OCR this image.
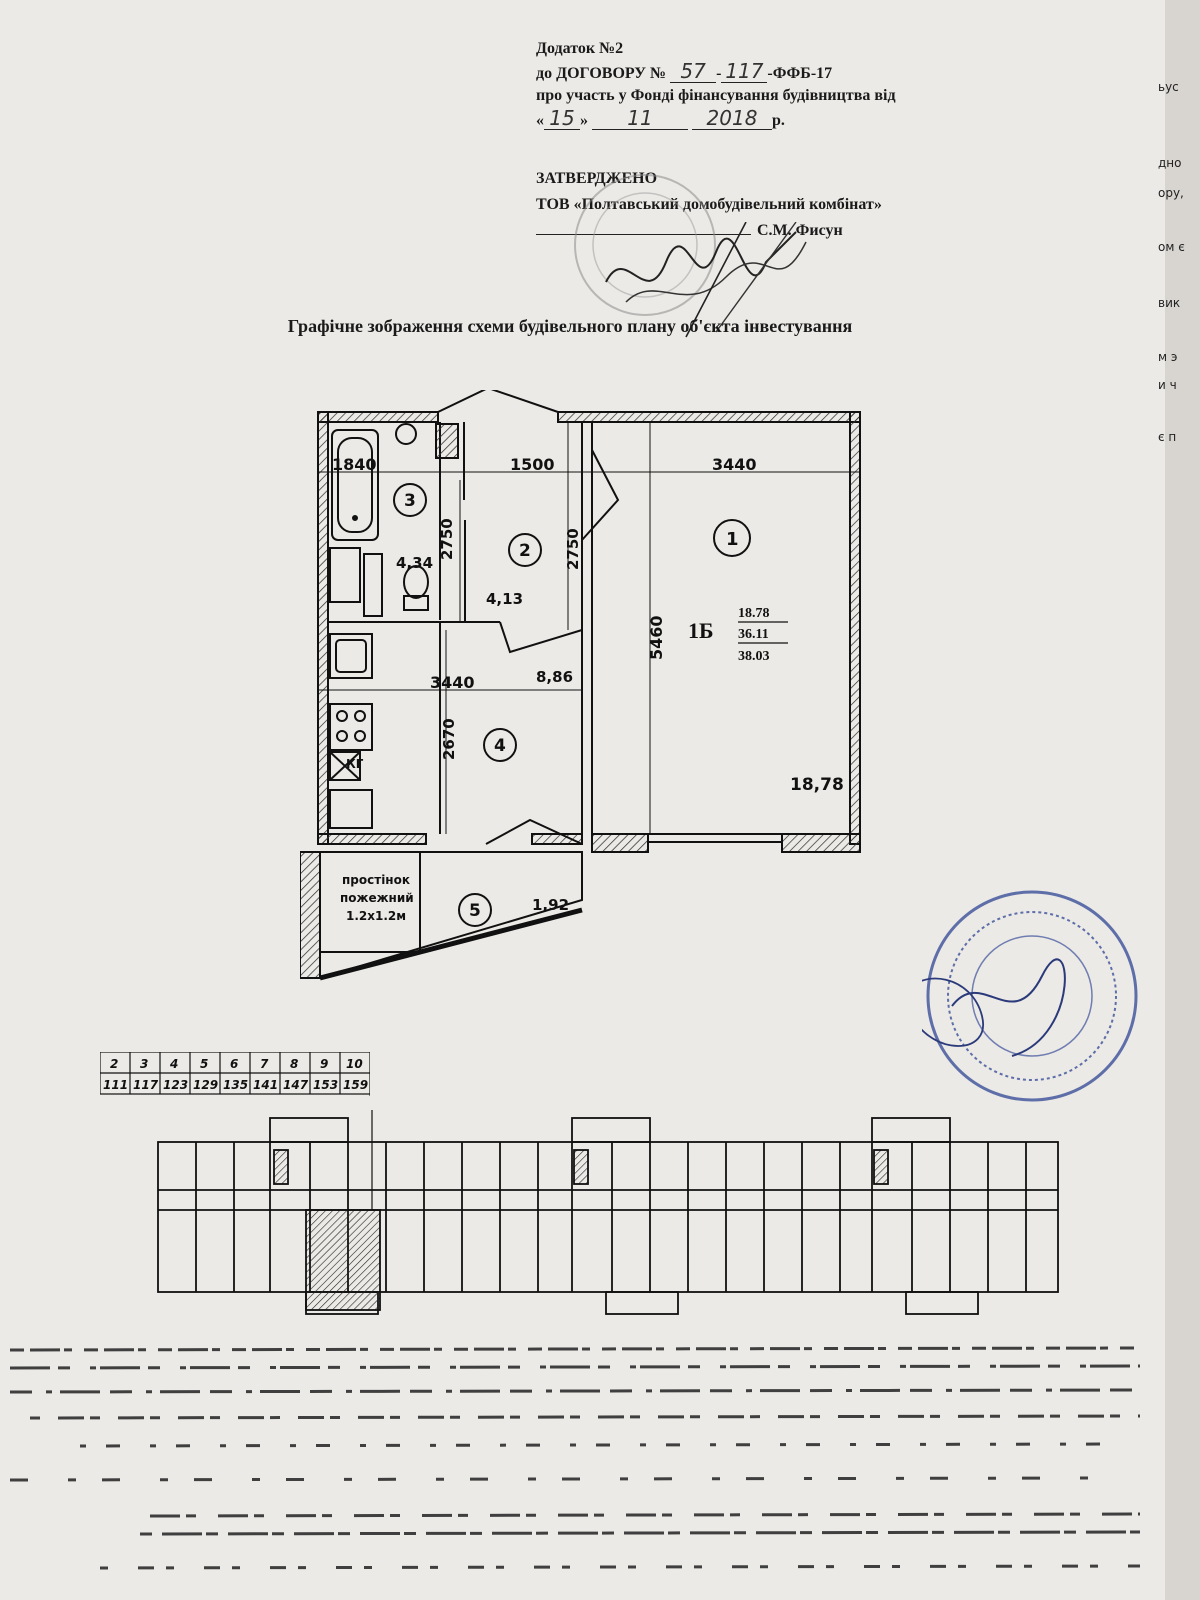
ьус
дно
ору,
ом є
вик
м э
и ч
є п
Додаток №2
до ДОГОВОРУ № 57 - 117 -ФФБ-17
про участь у Фонді фінансування будівництва від
« 15 » 11	2018 р.
ЗАТВЕРДЖЕНО
ТОВ «Полтавський домобудівельний комбінат»
С.М. Фисун
Графічне зображення схеми будівельного плану об'єкта інвестування
1840	1500	3440
2750	2750
5460
3440
2670
3
2
1
4
5
4,34
4,13
8,86
18,78
1,92
1Б
18.78
36.11
38.03
КГ
простінок
пожежний
1.2х1.2м
2 3 4 5 6 7 8 9 10
111 117 123 129 135 141 147 153 159
